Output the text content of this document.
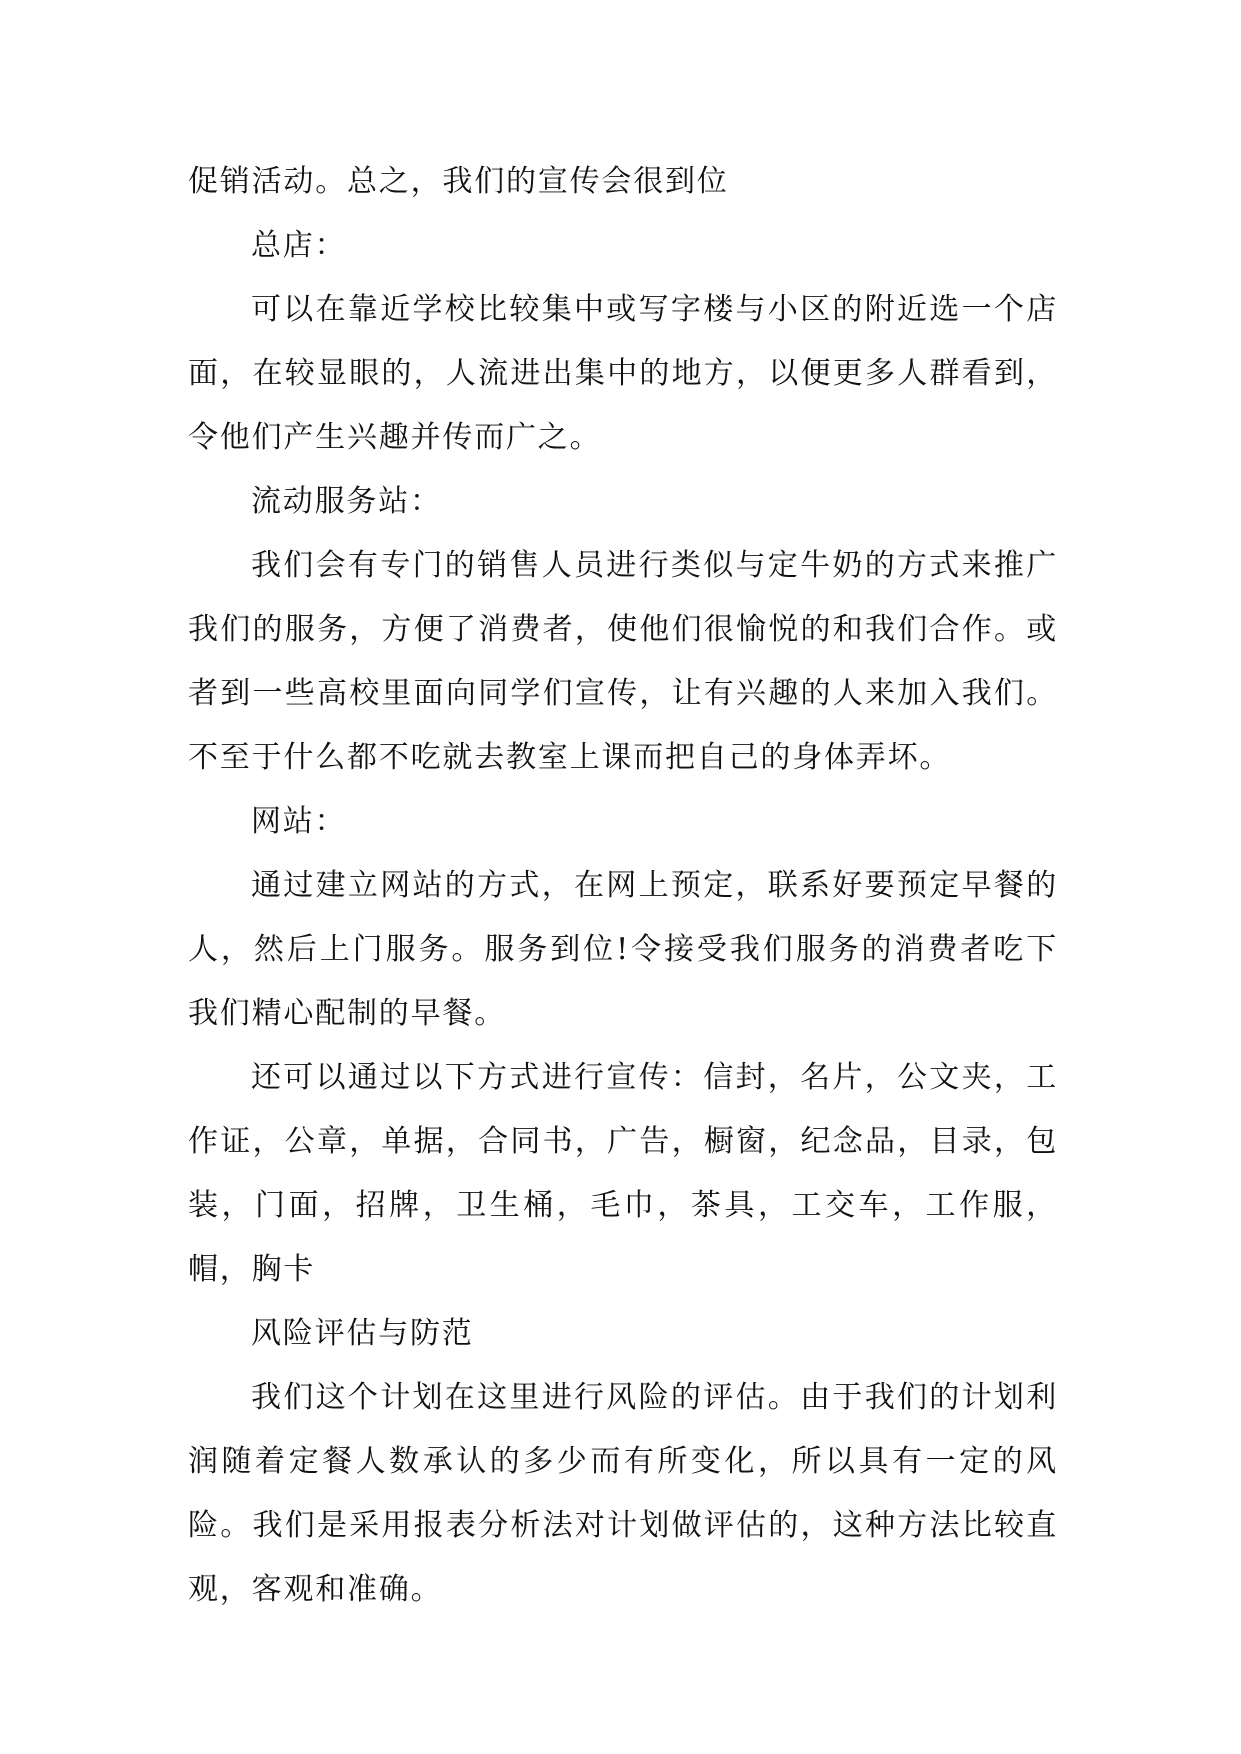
促销活动。总之，我们的宣传会很到位

总店：

可以在靠近学校比较集中或写字楼与小区的附近选一个店面，在较显眼的，人流进出集中的地方，以便更多人群看到，令他们产生兴趣并传而广之。

流动服务站：

我们会有专门的销售人员进行类似与定牛奶的方式来推广我们的服务，方便了消费者，使他们很愉悦的和我们合作。或者到一些高校里面向同学们宣传，让有兴趣的人来加入我们。不至于什么都不吃就去教室上课而把自己的身体弄坏。

网站：

通过建立网站的方式，在网上预定，联系好要预定早餐的人，然后上门服务。服务到位!令接受我们服务的消费者吃下我们精心配制的早餐。

还可以通过以下方式进行宣传：信封，名片，公文夹，工作证，公章，单据，合同书，广告，橱窗，纪念品，目录，包装，门面，招牌，卫生桶，毛巾，茶具，工交车，工作服，帽，胸卡

风险评估与防范

我们这个计划在这里进行风险的评估。由于我们的计划利润随着定餐人数承认的多少而有所变化，所以具有一定的风险。我们是采用报表分析法对计划做评估的，这种方法比较直观，客观和准确。
